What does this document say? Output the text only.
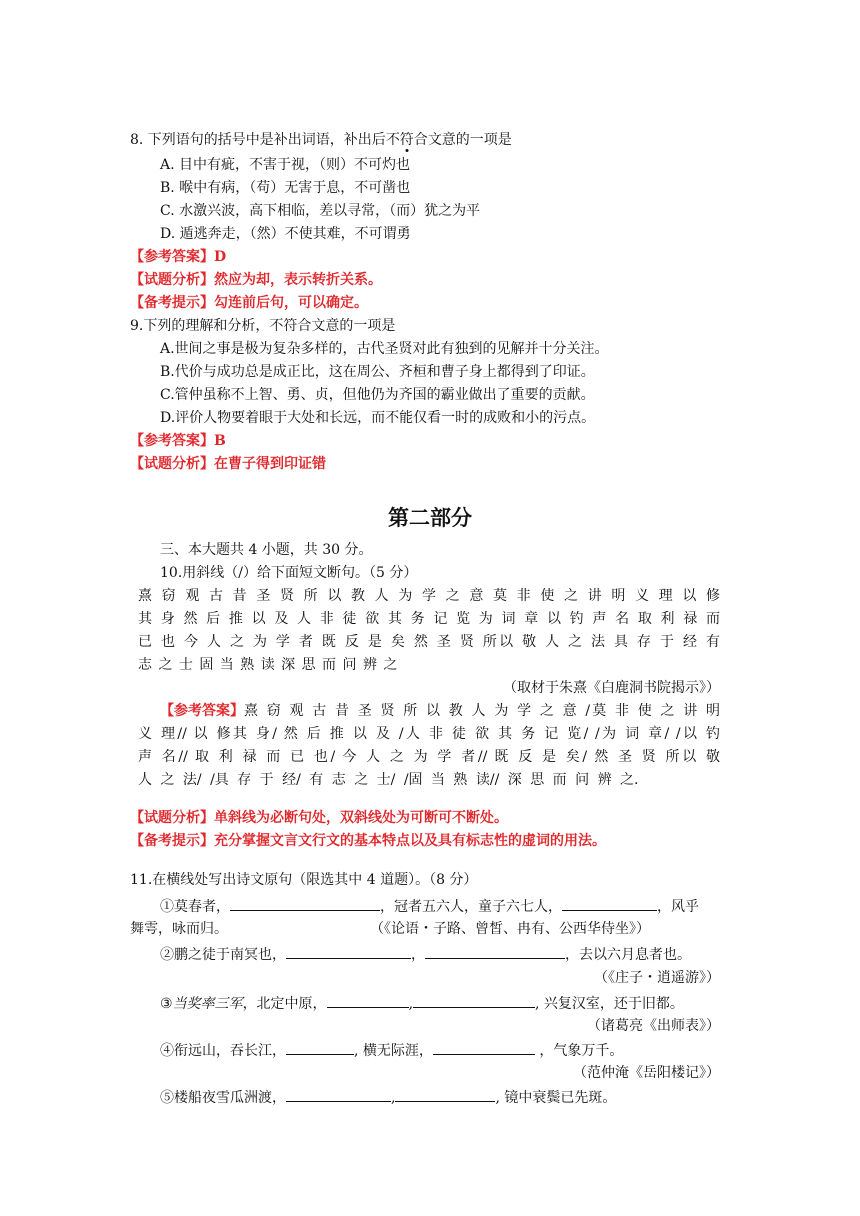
8. 下列语句的括号中是补出词语，补出后不符合文意的一项是
A. 目中有疵，不害于视，（则）不可灼也
B. 喉中有病，（苟）无害于息，不可凿也
C. 水激兴波，高下相临，差以寻常，（而）犹之为平
D. 遁逃奔走，（然）不使其难，不可谓勇
【参考答案】D
【试题分析】然应为却，表示转折关系。
【备考提示】勾连前后句，可以确定。
9.下列的理解和分析，不符合文意的一项是
A.世间之事是极为复杂多样的，古代圣贤对此有独到的见解并十分关注。
B.代价与成功总是成正比，这在周公、齐桓和曹子身上都得到了印证。
C.管仲虽称不上智、勇、贞，但他仍为齐国的霸业做出了重要的贡献。
D.评价人物要着眼于大处和长远，而不能仅看一时的成败和小的污点。
【参考答案】B
【试题分析】在曹子得到印证错
第二部分
三、本大题共 4 小题，共 30 分。
10.用斜线（/）给下面短文断句。（5 分）
熹 窃 观 古 昔 圣 贤 所 以 教 人 为 学 之 意 莫 非 使 之 讲 明 义 理 以 修
其 身 然 后 推 以 及 人 非 徒 欲 其 务 记 览 为 词 章 以 钓 声 名 取 利 禄 而
已 也 今 人 之 为 学 者 既 反 是 矣 然 圣 贤 所以 敬 人 之 法 具 存 于 经 有
志 之 士 固 当 熟 读 深 思 而 问 辨 之
（取材于朱熹《白鹿洞书院揭示》）
【参考答案】 熹 窃 观 古 昔 圣 贤 所 以 教 人 为 学 之 意 /莫 非 使 之 讲 明
义 理// 以 修其 身/ 然 后 推 以 及 /人 非 徒 欲 其 务 记 览/ /为 词 章/ /以 钓
声 名// 取 利 禄 而 已 也/ 今 人 之 为 学 者// 既 反 是 矣/ 然 圣 贤 所以 敬
人 之 法/ /具 存 于 经/ 有 志 之 士/ /固 当 熟 读// 深 思 而 问 辨 之.
【试题分析】单斜线为必断句处，双斜线处为可断可不断处。
【备考提示】充分掌握文言文行文的基本特点以及具有标志性的虚词的用法。
11.在横线处写出诗文原句（限选其中 4 道题）。（8 分）
①莫春者，	，冠者五六人，童子六七人，	，风乎
舞雩，咏而归。	（《论语・子路、曾皙、冉有、公西华侍坐》）
②鹏之徒于南冥也，	，	，去以六月息者也。
（《庄子・逍遥游》）
③当奖率三军，北定中原，	,	, 兴复汉室，还于旧都。
（诸葛亮《出师表》）
④衔远山，吞长江，	, 横无际涯，	，气象万千。
（范仲淹《岳阳楼记》）
⑤楼船夜雪瓜洲渡，	,	, 镜中衰鬓已先斑。
